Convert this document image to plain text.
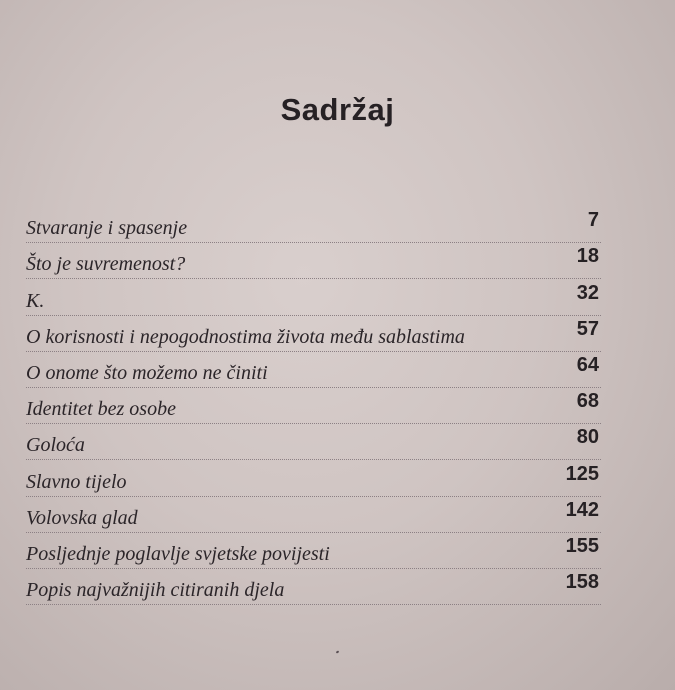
Sadržaj
Stvaranje i spasenje	7
Što je suvremenost?	18
K.	32
O korisnosti i nepogodnostima života među sablastima	57
O onome što možemo ne činiti	64
Identitet bez osobe	68
Goloća	80
Slavno tijelo	125
Volovska glad	142
Posljednje poglavlje svjetske povijesti	155
Popis najvažnijih citiranih djela	158
